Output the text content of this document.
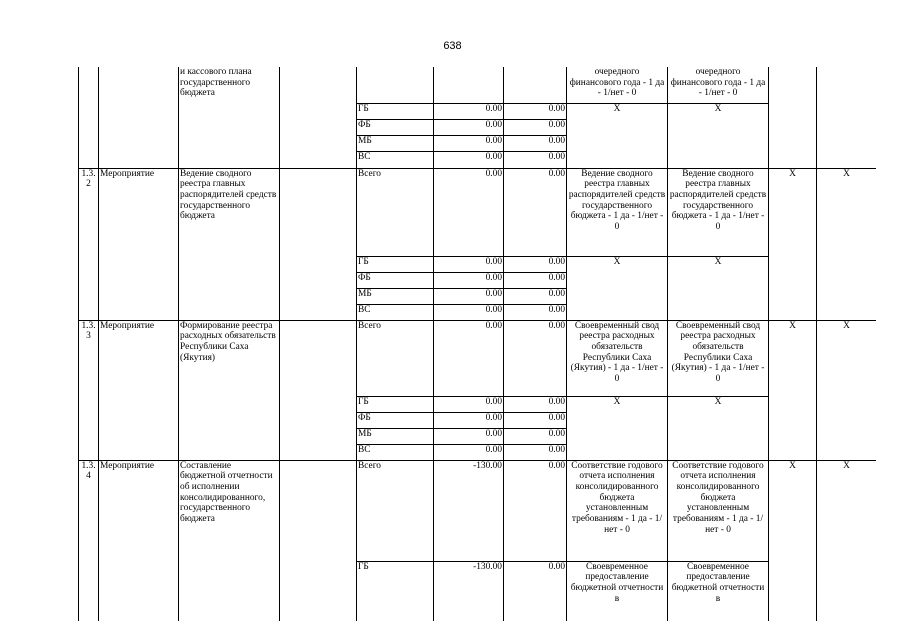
638
		и кассового плана государственного бюджета					очередного финансового года - 1 да - 1/нет - 0	очередного финансового года - 1 да - 1/нет - 0		
				ГБ	0.00	0.00	X	X		
				ФБ	0.00	0.00				
				МБ	0.00	0.00				
				ВС	0.00	0.00				
1.3.2	Мероприятие	Ведение сводного реестра главных распорядителей средств государственного бюджета		Всего	0.00	0.00	Ведение сводного реестра главных распорядителей средств государственного бюджета - 1 да - 1/нет - 0	Ведение сводного реестра главных распорядителей средств государственного бюджета - 1 да - 1/нет - 0	X	X
				ГБ	0.00	0.00	X	X		
				ФБ	0.00	0.00				
				МБ	0.00	0.00				
				ВС	0.00	0.00				
1.3.3	Мероприятие	Формирование реестра расходных обязательств Республики Саха (Якутия)		Всего	0.00	0.00	Своевременный свод реестра расходных обязательств Республики Саха (Якутия) - 1 да - 1/нет - 0	Своевременный свод реестра расходных обязательств Республики Саха (Якутия) - 1 да - 1/нет - 0	X	X
				ГБ	0.00	0.00	X	X		
				ФБ	0.00	0.00				
				МБ	0.00	0.00				
				ВС	0.00	0.00				
1.3.4	Мероприятие	Составление бюджетной отчетности об исполнении консолидированного, государственного бюджета		Всего	-130.00	0.00	Соответствие годового отчета исполнения консолидированного бюджета установленным требованиям - 1 да - 1/нет - 0	Соответствие годового отчета исполнения консолидированного бюджета установленным требованиям - 1 да - 1/нет - 0	X	X
				ГБ	-130.00	0.00	Своевременное предоставление бюджетной отчетности в	Своевременное предоставление бюджетной отчетности в		
